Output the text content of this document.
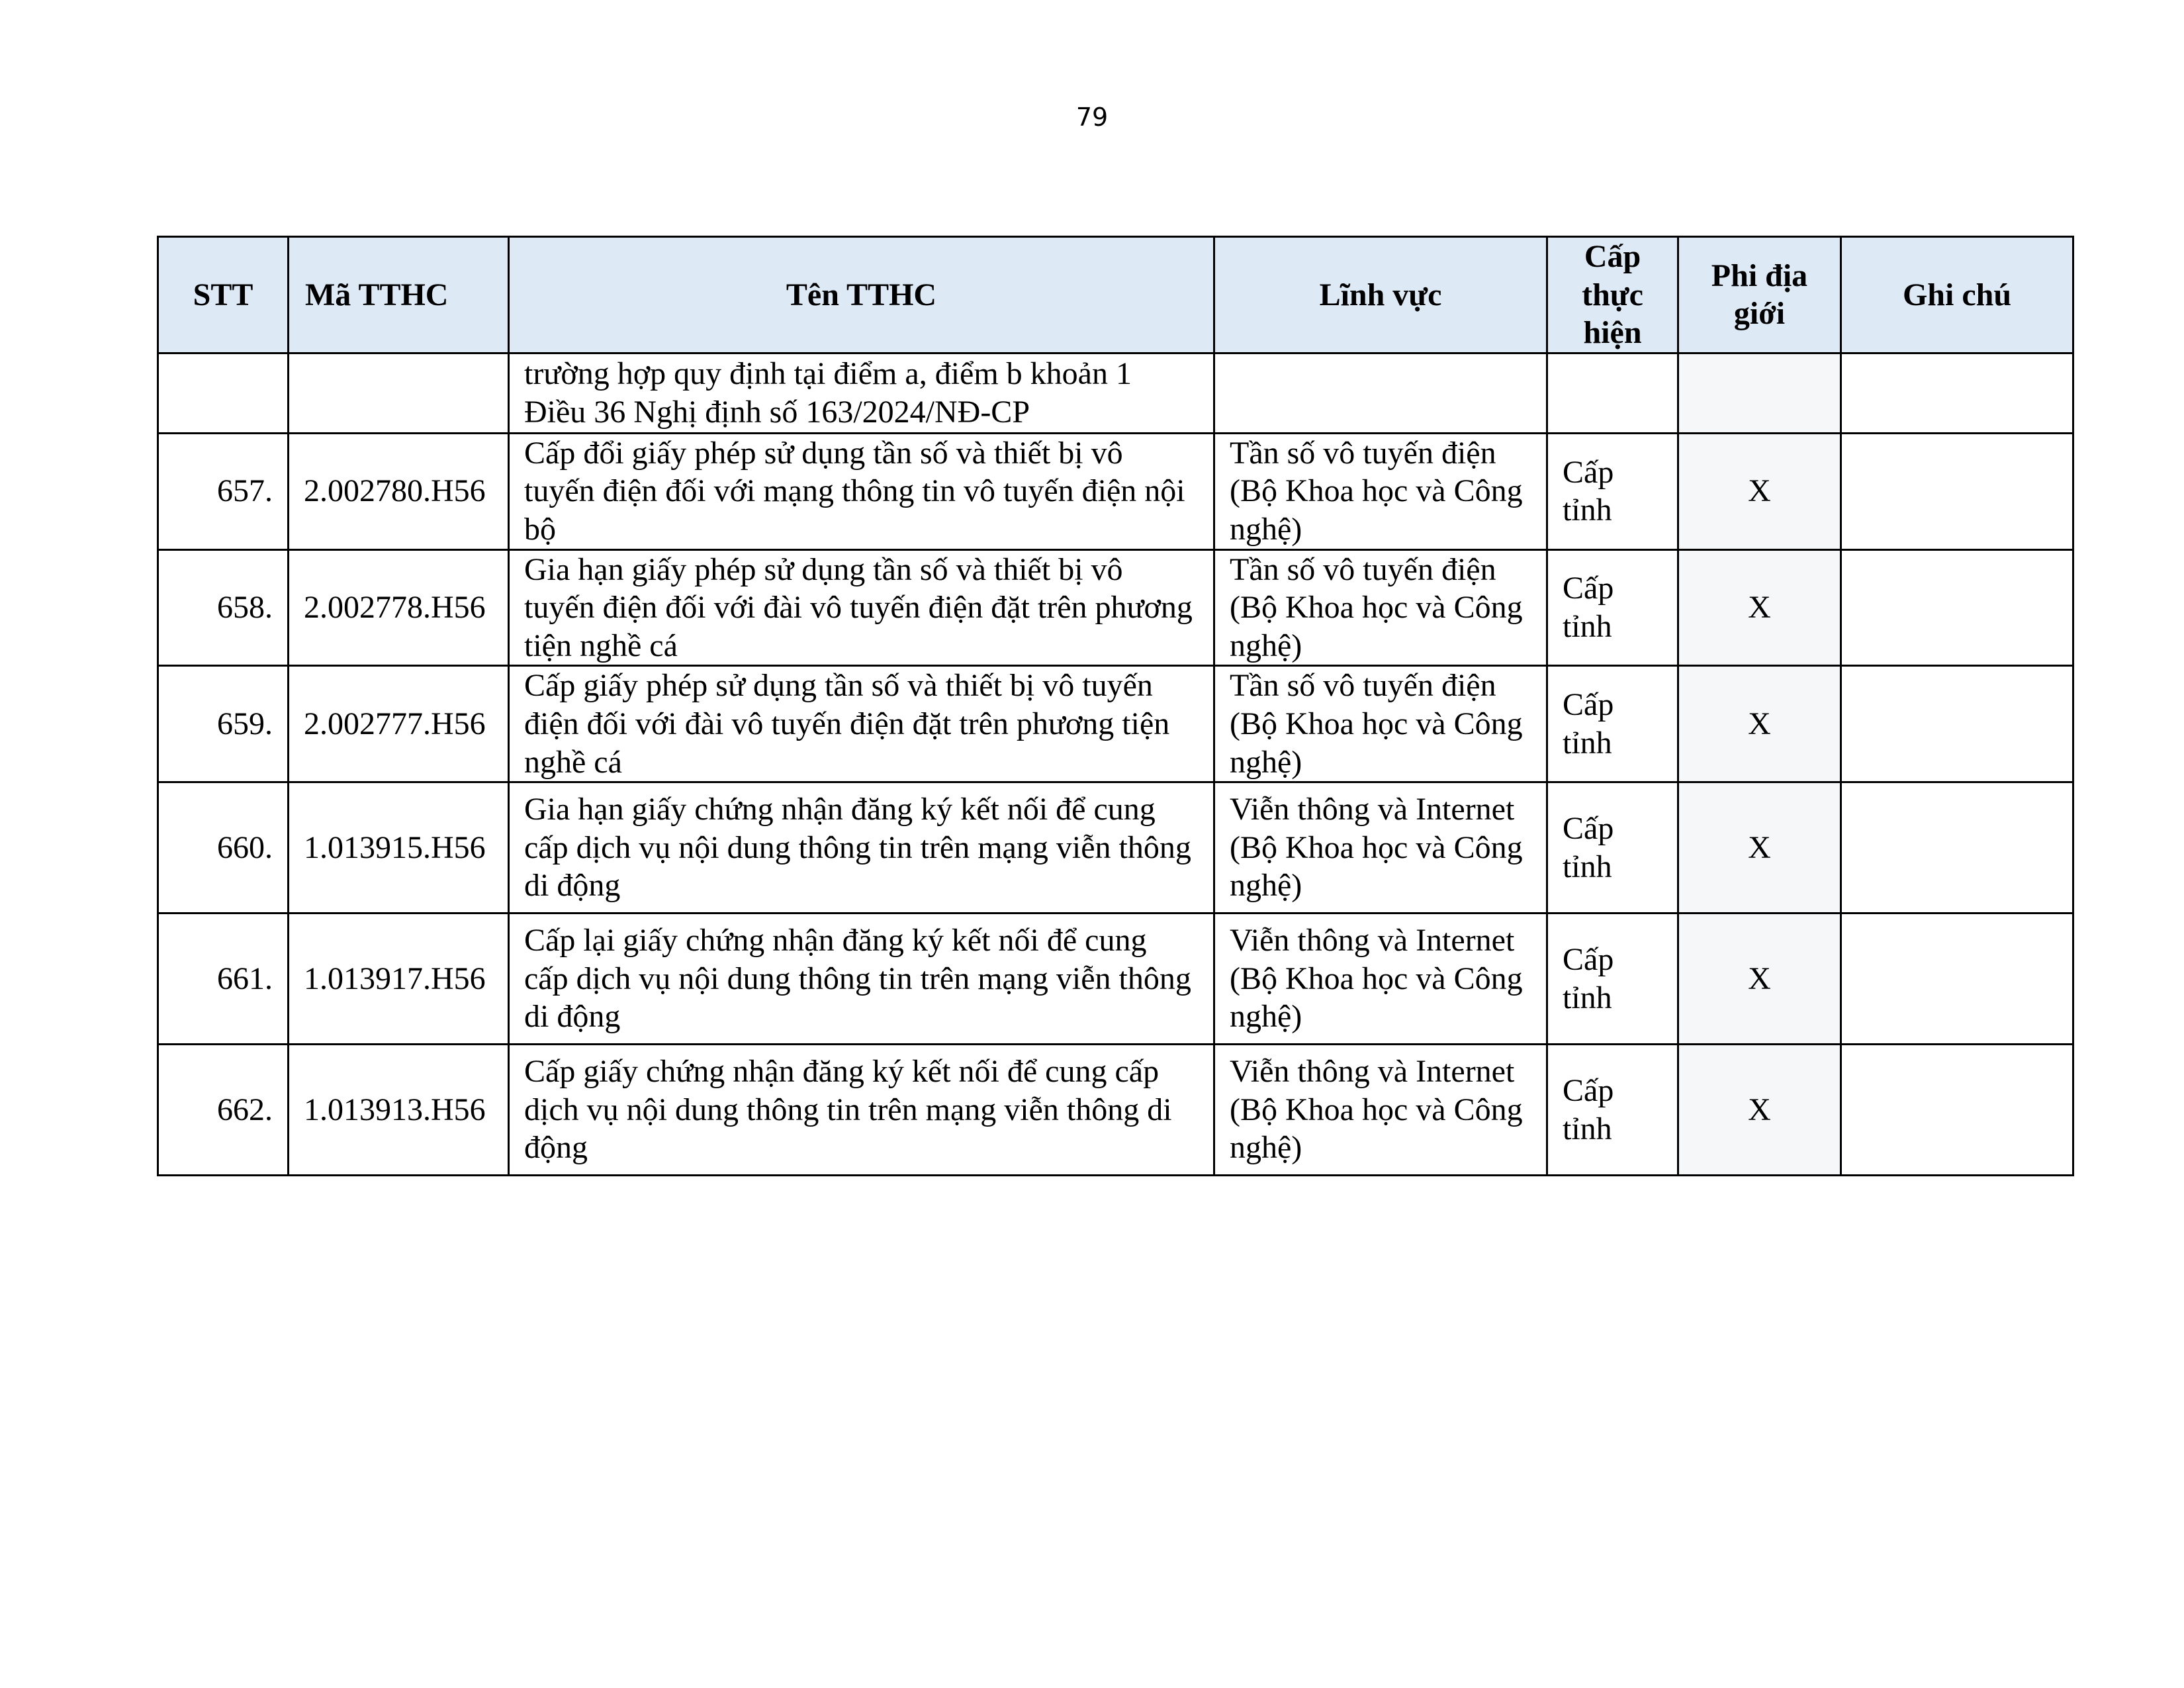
79
STT	Mã TTHC	Tên TTHC	Lĩnh vực	Cấp thực hiện	Phi địa giới	Ghi chú
		trường hợp quy định tại điểm a, điểm b khoản 1 Điều 36 Nghị định số 163/2024/NĐ-CP				
657.	2.002780.H56	Cấp đổi giấy phép sử dụng tần số và thiết bị vô tuyến điện đối với mạng thông tin vô tuyến điện nội bộ	Tần số vô tuyến điện (Bộ Khoa học và Công nghệ)	Cấp tỉnh	X	
658.	2.002778.H56	Gia hạn giấy phép sử dụng tần số và thiết bị vô tuyến điện đối với đài vô tuyến điện đặt trên phương tiện nghề cá	Tần số vô tuyến điện (Bộ Khoa học và Công nghệ)	Cấp tỉnh	X	
659.	2.002777.H56	Cấp giấy phép sử dụng tần số và thiết bị vô tuyến điện đối với đài vô tuyến điện đặt trên phương tiện nghề cá	Tần số vô tuyến điện (Bộ Khoa học và Công nghệ)	Cấp tỉnh	X	
660.	1.013915.H56	Gia hạn giấy chứng nhận đăng ký kết nối để cung cấp dịch vụ nội dung thông tin trên mạng viễn thông di động	Viễn thông và Internet (Bộ Khoa học và Công nghệ)	Cấp tỉnh	X	
661.	1.013917.H56	Cấp lại giấy chứng nhận đăng ký kết nối để cung cấp dịch vụ nội dung thông tin trên mạng viễn thông di động	Viễn thông và Internet (Bộ Khoa học và Công nghệ)	Cấp tỉnh	X	
662.	1.013913.H56	Cấp giấy chứng nhận đăng ký kết nối để cung cấp dịch vụ nội dung thông tin trên mạng viễn thông di động	Viễn thông và Internet (Bộ Khoa học và Công nghệ)	Cấp tỉnh	X	
